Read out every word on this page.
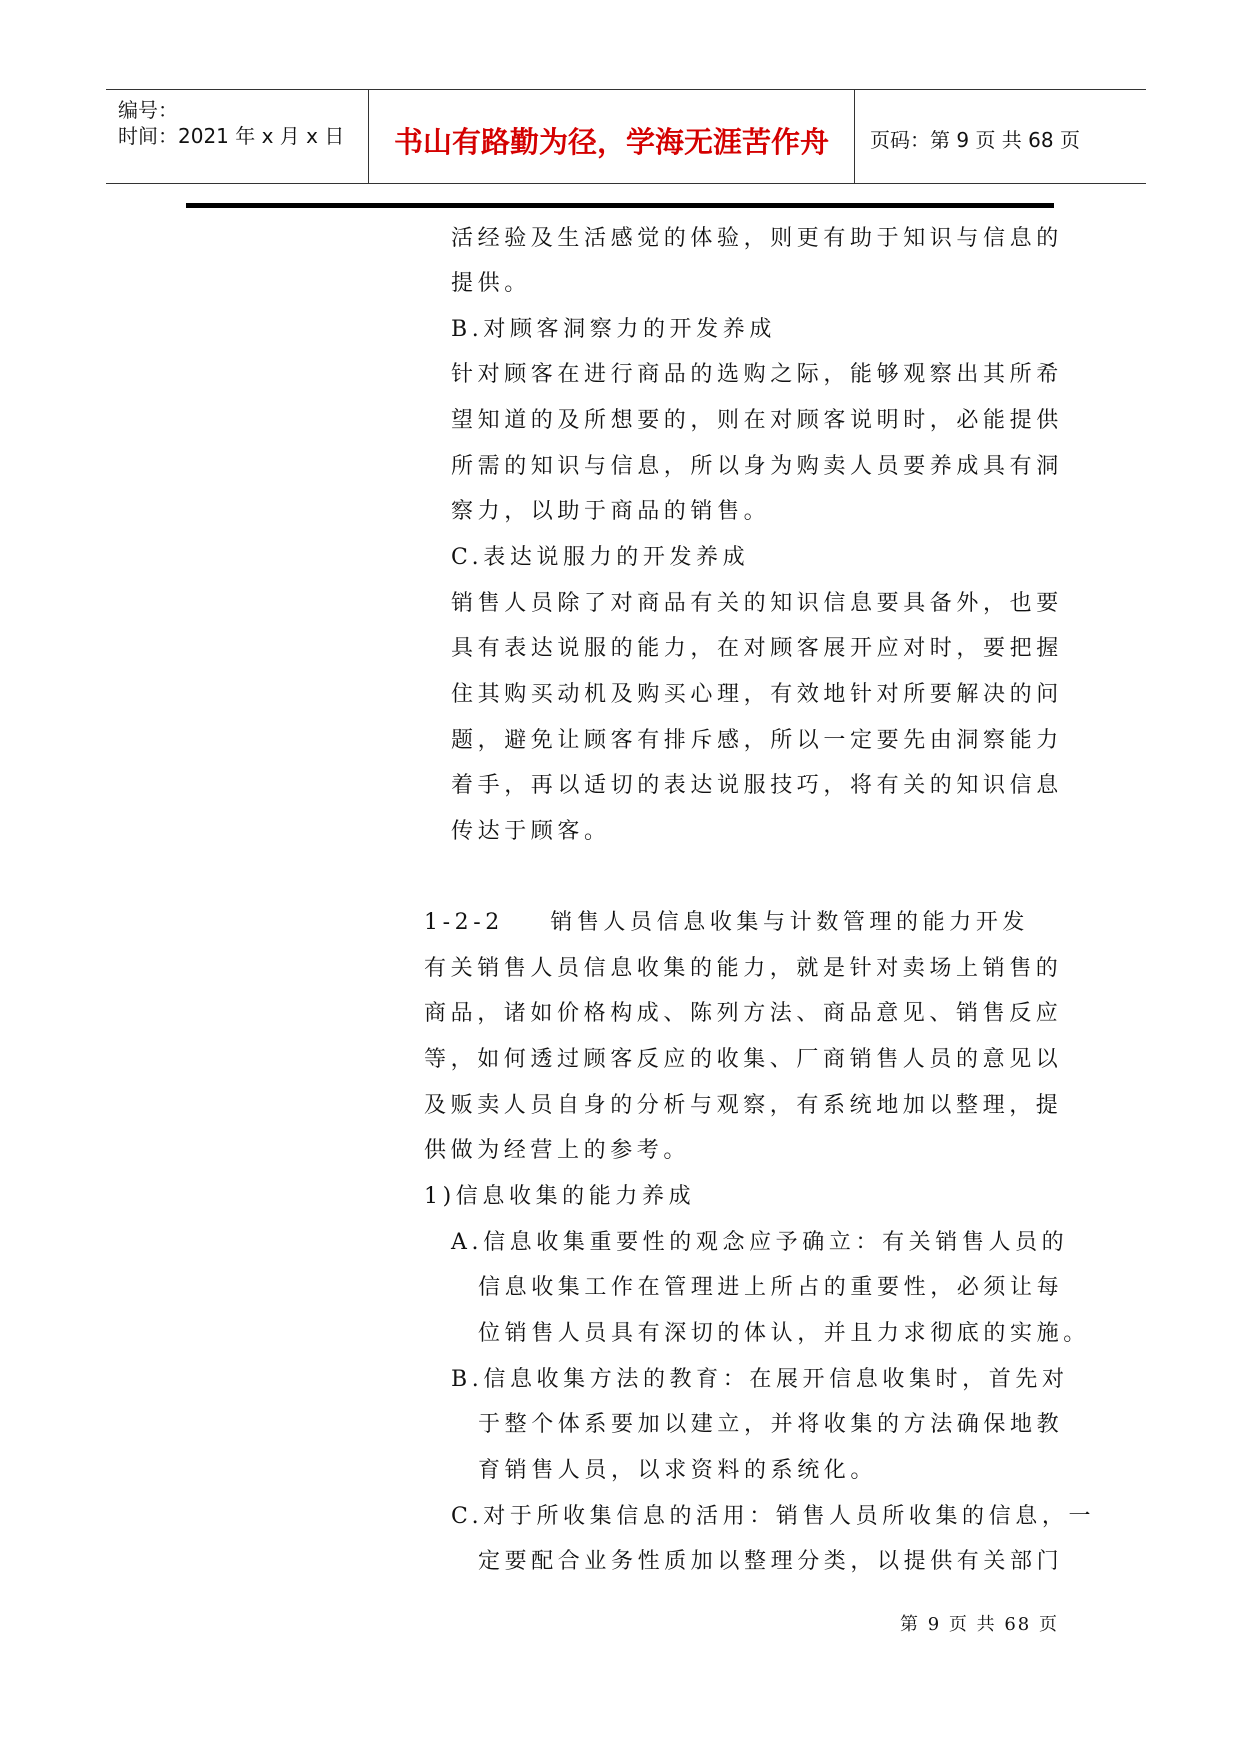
编号：
时间：2021 年 x 月 x 日	书山有路勤为径，学海无涯苦作舟	页码：第 9 页 共 68 页
活经验及生活感觉的体验，则更有助于知识与信息的
提供。
B.对顾客洞察力的开发养成
针对顾客在进行商品的选购之际，能够观察出其所希
望知道的及所想要的，则在对顾客说明时，必能提供
所需的知识与信息，所以身为购卖人员要养成具有洞
察力，以助于商品的销售。
C.表达说服力的开发养成
销售人员除了对商品有关的知识信息要具备外，也要
具有表达说服的能力，在对顾客展开应对时，要把握
住其购买动机及购买心理，有效地针对所要解决的问
题，避免让顾客有排斥感，所以一定要先由洞察能力
着手，再以适切的表达说服技巧，将有关的知识信息
传达于顾客。
1-2-2    销售人员信息收集与计数管理的能力开发
有关销售人员信息收集的能力，就是针对卖场上销售的
商品，诸如价格构成、陈列方法、商品意见、销售反应
等，如何透过顾客反应的收集、厂商销售人员的意见以
及贩卖人员自身的分析与观察，有系统地加以整理，提
供做为经营上的参考。
1)信息收集的能力养成
A.信息收集重要性的观念应予确立：有关销售人员的
信息收集工作在管理进上所占的重要性，必须让每
位销售人员具有深切的体认，并且力求彻底的实施。
B.信息收集方法的教育：在展开信息收集时，首先对
于整个体系要加以建立，并将收集的方法确保地教
育销售人员，以求资料的系统化。
C.对于所收集信息的活用：销售人员所收集的信息，一
定要配合业务性质加以整理分类，以提供有关部门
第 9 页 共 68 页
